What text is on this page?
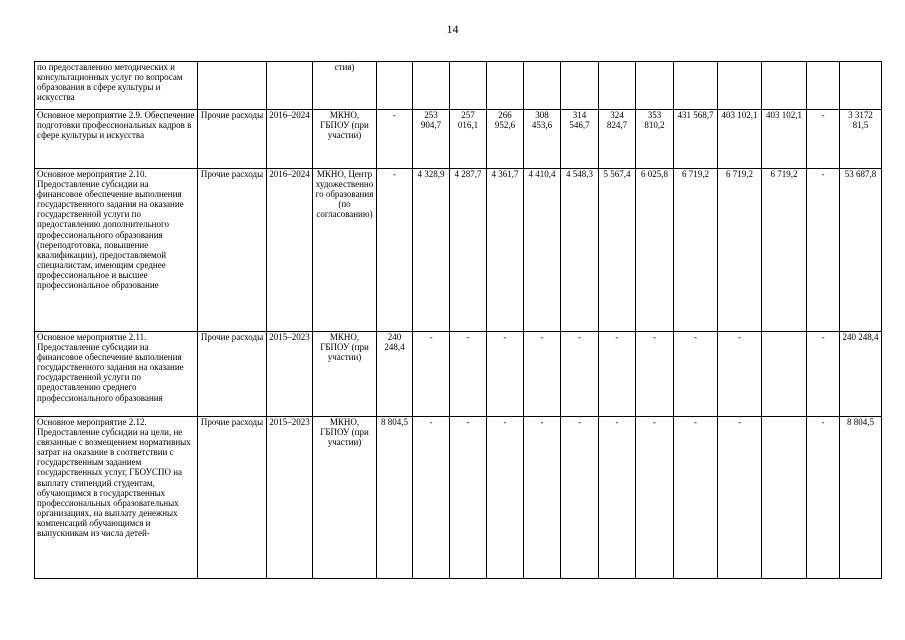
14
по предоставлению методических и консультационных услуг по вопросам образования в сфере культуры и искусства			стия)													
Основное мероприятие 2.9. Обеспечение подготовки профессиональных кадров в сфере культуры и искусства	Прочие расходы	2016–2024	МКНО, ГБПОУ (при участии)	-	253 904,7	257 016,1	266 952,6	308 453,6	314 546,7	324 824,7	353 810,2	431 568,7	403 102,1	403 102,1	-	3 3172 81,5
Основное мероприятие 2.10. Предоставление субсидии на финансовое обеспечение выполнения государственного задания на оказание государственной услуги по предоставлению дополнительного профессионального образования (переподготовка, повышение квалификации), предоставляемой специалистам, имеющим среднее профессиональное и высшее профессиональное образование	Прочие расходы	2016–2024	МКНО, Центр художественного образования (по согласованию)	-	4 328,9	4 287,7	4 361,7	4 410,4	4 548,3	5 567,4	6 025,8	6 719,2	6 719,2	6 719,2	-	53 687,8
Основное мероприятие 2.11. Предоставление субсидии на финансовое обеспечение выполнения государственного задания на оказание государственной услуги по предоставлению среднего профессионального образования	Прочие расходы	2015–2023	МКНО, ГБПОУ (при участии)	240 248,4	-	-	-	-	-	-	-	-	-		-	240 248,4
Основное мероприятие 2.12. Предоставление субсидии на цели, не связанные с возмещением нормативных затрат на оказание в соответствии с государственным заданием государственных услуг, ГБОУСПО на выплату стипендий студентам, обучающимся в государственных профессиональных образовательных организациях, на выплату денежных компенсаций обучающимся и выпускникам из числа детей-	Прочие расходы	2015–2023	МКНО, ГБПОУ (при участии)	8 804,5	-	-	-	-	-	-	-	-	-		-	8 804,5
